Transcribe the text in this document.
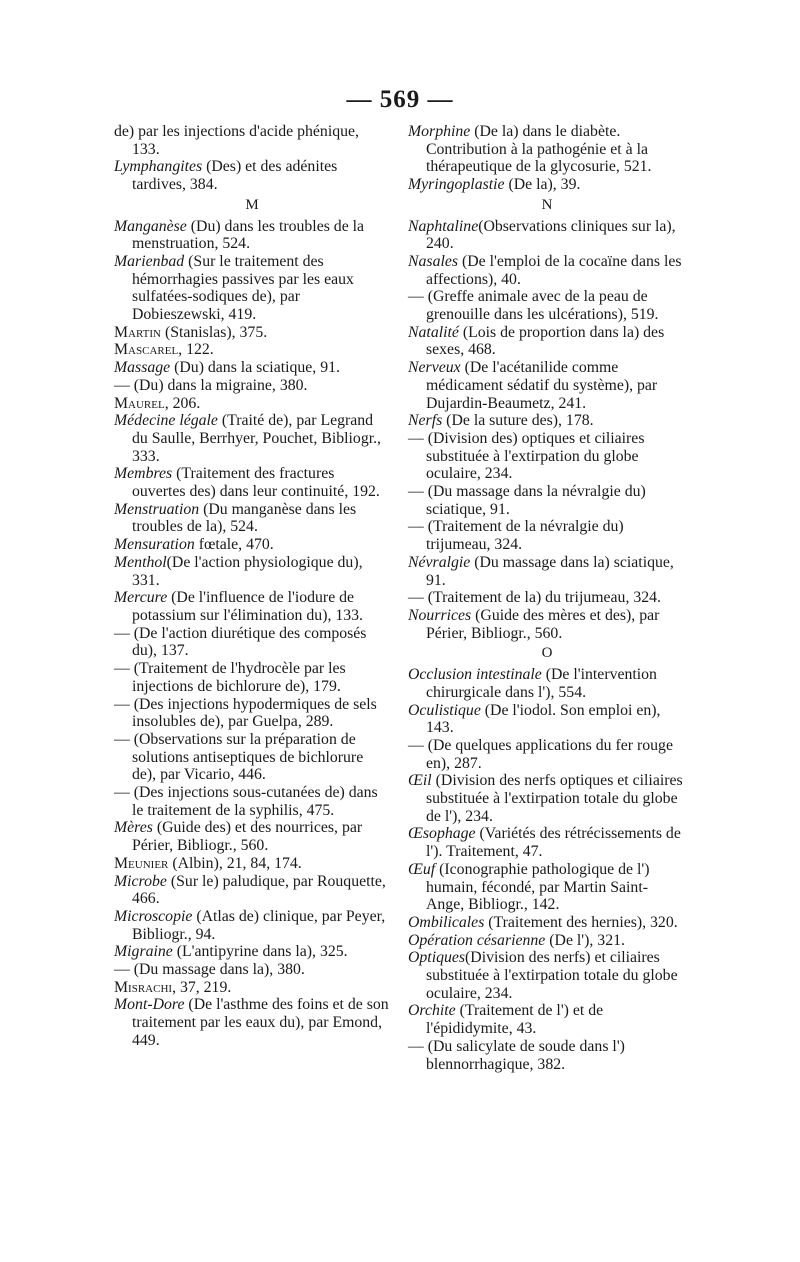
— 569 —

de) par les injections d'acide phénique, 133.

Lymphangites (Des) et des adénites tardives, 384.

M

Manganèse (Du) dans les troubles de la menstruation, 524.

Marienbad (Sur le traitement des hémorrhagies passives par les eaux sulfatées-sodiques de), par Dobieszewski, 419.

Martin (Stanislas), 375.

Mascarel, 122.

Massage (Du) dans la sciatique, 91.

— (Du) dans la migraine, 380.

Maurel, 206.

Médecine légale (Traité de), par Legrand du Saulle, Berrhyer, Pouchet, Bibliogr., 333.

Membres (Traitement des fractures ouvertes des) dans leur continuité, 192.

Menstruation (Du manganèse dans les troubles de la), 524.

Mensuration fœtale, 470.

Menthol(De l'action physiologique du), 331.

Mercure (De l'influence de l'iodure de potassium sur l'élimination du), 133.

— (De l'action diurétique des composés du), 137.

— (Traitement de l'hydrocèle par les injections de bichlorure de), 179.

— (Des injections hypodermiques de sels insolubles de), par Guelpa, 289.

— (Observations sur la préparation de solutions antiseptiques de bichlorure de), par Vicario, 446.

— (Des injections sous-cutanées de) dans le traitement de la syphilis, 475.

Mères (Guide des) et des nourrices, par Périer, Bibliogr., 560.

Meunier (Albin), 21, 84, 174.

Microbe (Sur le) paludique, par Rouquette, 466.

Microscopie (Atlas de) clinique, par Peyer, Bibliogr., 94.

Migraine (L'antipyrine dans la), 325.

— (Du massage dans la), 380.

Misrachi, 37, 219.

Mont-Dore (De l'asthme des foins et de son traitement par les eaux du), par Emond, 449.

Morphine (De la) dans le diabète. Contribution à la pathogénie et à la thérapeutique de la glycosurie, 521.

Myringoplastie (De la), 39.

N

Naphtaline(Observations cliniques sur la), 240.

Nasales (De l'emploi de la cocaïne dans les affections), 40.

— (Greffe animale avec de la peau de grenouille dans les ulcérations), 519.

Natalité (Lois de proportion dans la) des sexes, 468.

Nerveux (De l'acétanilide comme médicament sédatif du système), par Dujardin-Beaumetz, 241.

Nerfs (De la suture des), 178.

— (Division des) optiques et ciliaires substituée à l'extirpation du globe oculaire, 234.

— (Du massage dans la névralgie du) sciatique, 91.

— (Traitement de la névralgie du) trijumeau, 324.

Névralgie (Du massage dans la) sciatique, 91.

— (Traitement de la) du trijumeau, 324.

Nourrices (Guide des mères et des), par Périer, Bibliogr., 560.

O

Occlusion intestinale (De l'intervention chirurgicale dans l'), 554.

Oculistique (De l'iodol. Son emploi en), 143.

— (De quelques applications du fer rouge en), 287.

Œil (Division des nerfs optiques et ciliaires substituée à l'extirpation totale du globe de l'), 234.

Œsophage (Variétés des rétrécissements de l'). Traitement, 47.

Œuf (Iconographie pathologique de l') humain, fécondé, par Martin Saint-Ange, Bibliogr., 142.

Ombilicales (Traitement des hernies), 320.

Opération césarienne (De l'), 321.

Optiques(Division des nerfs) et ciliaires substituée à l'extirpation totale du globe oculaire, 234.

Orchite (Traitement de l') et de l'épididymite, 43.

— (Du salicylate de soude dans l') blennorrhagique, 382.
